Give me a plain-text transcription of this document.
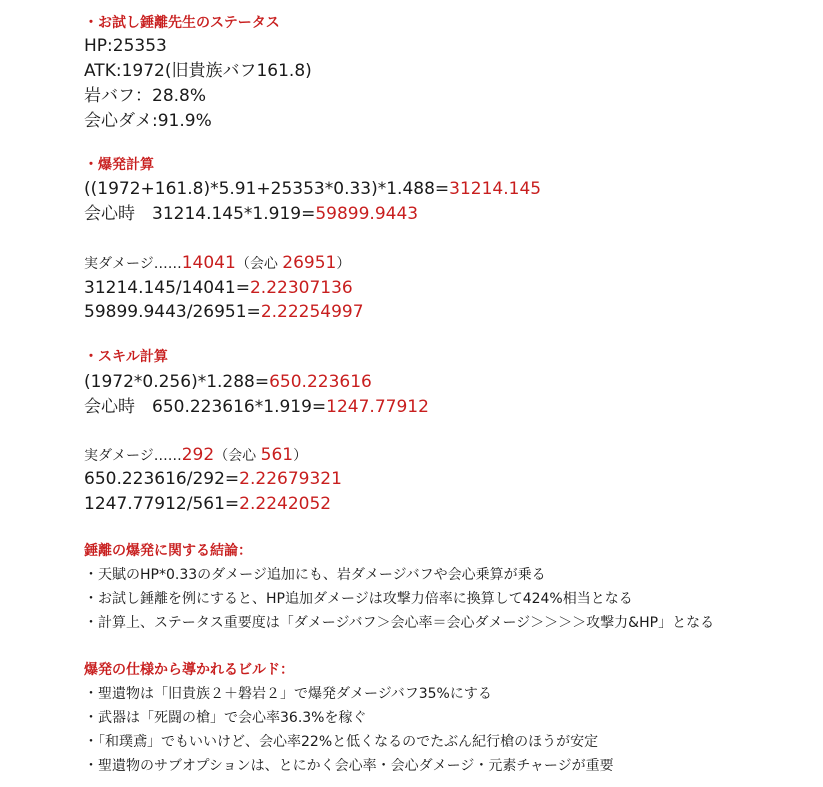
・お試し錘離先生のステータス
HP:25353
ATK:1972(旧貴族バフ161.8)
岩バフ：28.8%
会心ダメ:91.9%
・爆発計算
((1972+161.8)*5.91+25353*0.33)*1.488=31214.145
会心時　31214.145*1.919=59899.9443
実ダメージ……14041（会心 26951）
31214.145/14041=2.22307136
59899.9443/26951=2.22254997
・スキル計算
(1972*0.256)*1.288=650.223616
会心時　650.223616*1.919=1247.77912
実ダメージ……292（会心 561）
650.223616/292=2.22679321
1247.77912/561=2.2242052
錘離の爆発に関する結論：
・天賦のHP*0.33のダメージ追加にも、岩ダメージバフや会心乗算が乗る
・お試し錘離を例にすると、HP追加ダメージは攻撃力倍率に換算して424%相当となる
・計算上、ステータス重要度は「ダメージバフ＞会心率＝会心ダメージ＞＞＞＞攻撃力&HP」となる
爆発の仕様から導かれるビルド：
・聖遺物は「旧貴族２＋磐岩２」で爆発ダメージバフ35%にする
・武器は「死闘の槍」で会心率36.3%を稼ぐ
・「和璞鳶」でもいいけど、会心率22%と低くなるのでたぶん紀行槍のほうが安定
・聖遺物のサブオプションは、とにかく会心率・会心ダメージ・元素チャージが重要
